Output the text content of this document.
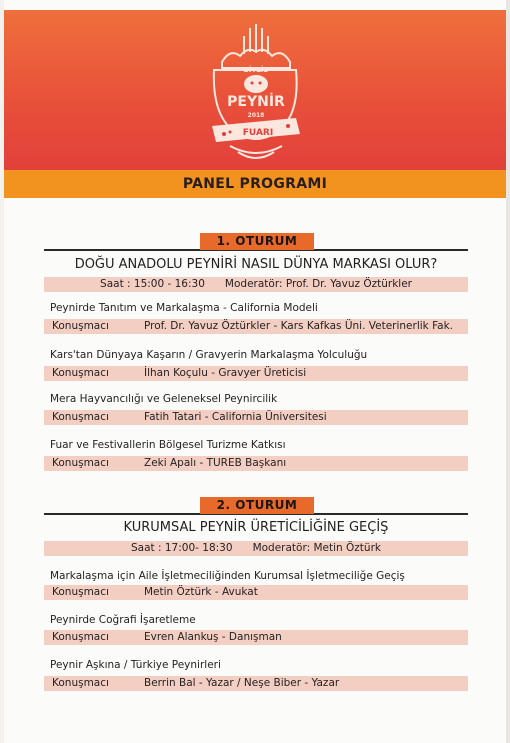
BİTLİS
PEYNİR
2018
FUARI
PANEL PROGRAMI
1. OTURUM
DOĞU ANADOLU PEYNİRİ NASIL DÜNYA MARKASI OLUR?
Saat : 15:00 - 16:30 Moderatör: Prof. Dr. Yavuz Öztürkler
Peynirde Tanıtım ve Markalaşma - California Modeli
Konuşmacı	Prof. Dr. Yavuz Öztürkler - Kars Kafkas Üni. Veterinerlik Fak.
Kars'tan Dünyaya Kaşarın / Gravyerin Markalaşma Yolculuğu
Konuşmacı	İlhan Koçulu - Gravyer Üreticisi
Mera Hayvancılığı ve Geleneksel Peynircilik
Konuşmacı	Fatih Tatari - California Üniversitesi
Fuar ve Festivallerin Bölgesel Turizme Katkısı
Konuşmacı	Zeki Apalı - TUREB Başkanı
2. OTURUM
KURUMSAL PEYNİR ÜRETİCİLİĞİNE GEÇİŞ
Saat : 17:00- 18:30 Moderatör: Metin Öztürk
Markalaşma için Aile İşletmeciliğinden Kurumsal İşletmeciliğe Geçiş
Konuşmacı	Metin Öztürk - Avukat
Peynirde Coğrafi İşaretleme
Konuşmacı	Evren Alankuş - Danışman
Peynir Aşkına / Türkiye Peynirleri
Konuşmacı	Berrin Bal - Yazar / Neşe Biber - Yazar
